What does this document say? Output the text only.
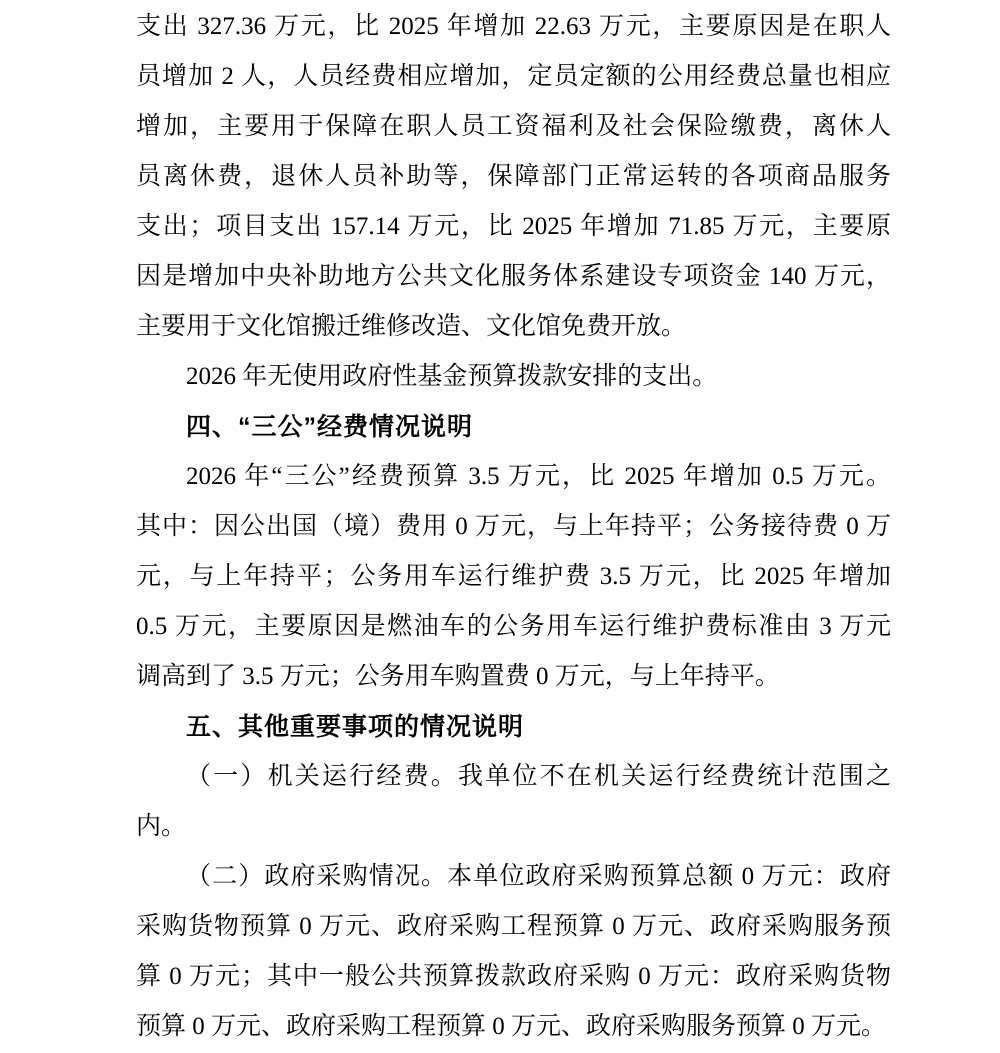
支出 327.36 万元，比 2025 年增加 22.63 万元，主要原因是在职人
员增加 2 人，人员经费相应增加，定员定额的公用经费总量也相应
增加，主要用于保障在职人员工资福利及社会保险缴费，离休人
员离休费，退休人员补助等，保障部门正常运转的各项商品服务
支出；项目支出 157.14 万元，比 2025 年增加 71.85 万元，主要原
因是增加中央补助地方公共文化服务体系建设专项资金 140 万元，
主要用于文化馆搬迁维修改造、文化馆免费开放。
2026 年无使用政府性基金预算拨款安排的支出。
四、“三公”经费情况说明
2026 年“三公”经费预算 3.5 万元，比 2025 年增加 0.5 万元。
其中：因公出国（境）费用 0 万元，与上年持平；公务接待费 0 万
元，与上年持平；公务用车运行维护费 3.5 万元，比 2025 年增加
0.5 万元，主要原因是燃油车的公务用车运行维护费标准由 3 万元
调高到了 3.5 万元；公务用车购置费 0 万元，与上年持平。
五、其他重要事项的情况说明
（一）机关运行经费。我单位不在机关运行经费统计范围之
内。
（二）政府采购情况。本单位政府采购预算总额 0 万元：政府
采购货物预算 0 万元、政府采购工程预算 0 万元、政府采购服务预
算 0 万元；其中一般公共预算拨款政府采购 0 万元：政府采购货物
预算 0 万元、政府采购工程预算 0 万元、政府采购服务预算 0 万元。
